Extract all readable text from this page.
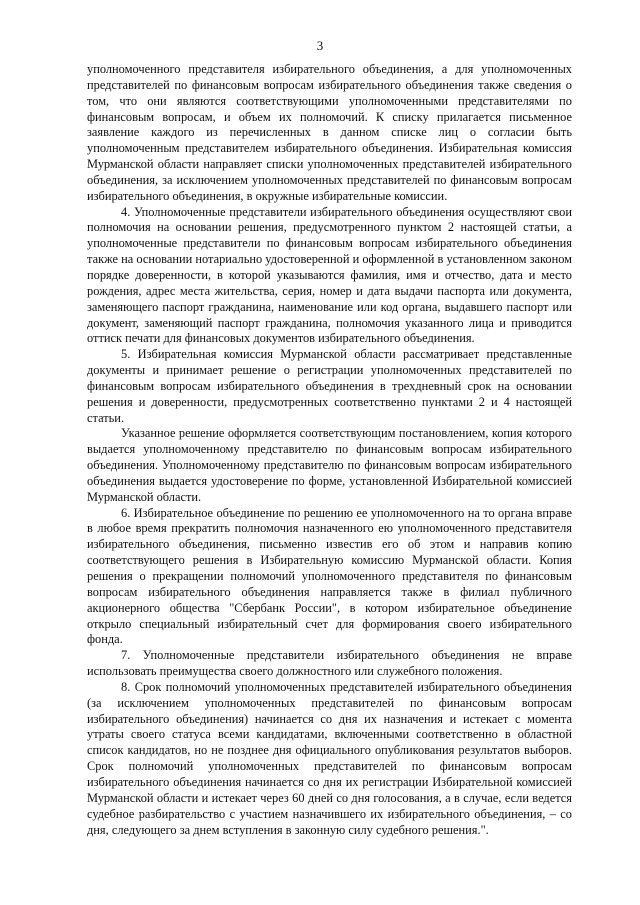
3

уполномоченного представителя избирательного объединения, а для уполномоченных представителей по финансовым вопросам избирательного объединения также сведения о том, что они являются соответствующими уполномоченными представителями по финансовым вопросам, и объем их полномочий. К списку прилагается письменное заявление каждого из перечисленных в данном списке лиц о согласии быть уполномоченным представителем избирательного объединения. Избирательная комиссия Мурманской области направляет списки уполномоченных представителей избирательного объединения, за исключением уполномоченных представителей по финансовым вопросам избирательного объединения, в окружные избирательные комиссии.

4. Уполномоченные представители избирательного объединения осуществляют свои полномочия на основании решения, предусмотренного пунктом 2 настоящей статьи, а уполномоченные представители по финансовым вопросам избирательного объединения также на основании нотариально удостоверенной и оформленной в установленном законом порядке доверенности, в которой указываются фамилия, имя и отчество, дата и место рождения, адрес места жительства, серия, номер и дата выдачи паспорта или документа, заменяющего паспорт гражданина, наименование или код органа, выдавшего паспорт или документ, заменяющий паспорт гражданина, полномочия указанного лица и приводится оттиск печати для финансовых документов избирательного объединения.

5. Избирательная комиссия Мурманской области рассматривает представленные документы и принимает решение о регистрации уполномоченных представителей по финансовым вопросам избирательного объединения в трехдневный срок на основании решения и доверенности, предусмотренных соответственно пунктами 2 и 4 настоящей статьи.

Указанное решение оформляется соответствующим постановлением, копия которого выдается уполномоченному представителю по финансовым вопросам избирательного объединения. Уполномоченному представителю по финансовым вопросам избирательного объединения выдается удостоверение по форме, установленной Избирательной комиссией Мурманской области.

6. Избирательное объединение по решению ее уполномоченного на то органа вправе в любое время прекратить полномочия назначенного ею уполномоченного представителя избирательного объединения, письменно известив его об этом и направив копию соответствующего решения в Избирательную комиссию Мурманской области. Копия решения о прекращении полномочий уполномоченного представителя по финансовым вопросам избирательного объединения направляется также в филиал публичного акционерного общества "Сбербанк России", в котором избирательное объединение открыло специальный избирательный счет для формирования своего избирательного фонда.

7. Уполномоченные представители избирательного объединения не вправе использовать преимущества своего должностного или служебного положения.

8. Срок полномочий уполномоченных представителей избирательного объединения (за исключением уполномоченных представителей по финансовым вопросам избирательного объединения) начинается со дня их назначения и истекает с момента утраты своего статуса всеми кандидатами, включенными соответственно в областной список кандидатов, но не позднее дня официального опубликования результатов выборов. Срок полномочий уполномоченных представителей по финансовым вопросам избирательного объединения начинается со дня их регистрации Избирательной комиссией Мурманской области и истекает через 60 дней со дня голосования, а в случае, если ведется судебное разбирательство с участием назначившего их избирательного объединения, – со дня, следующего за днем вступления в законную силу судебного решения.".
